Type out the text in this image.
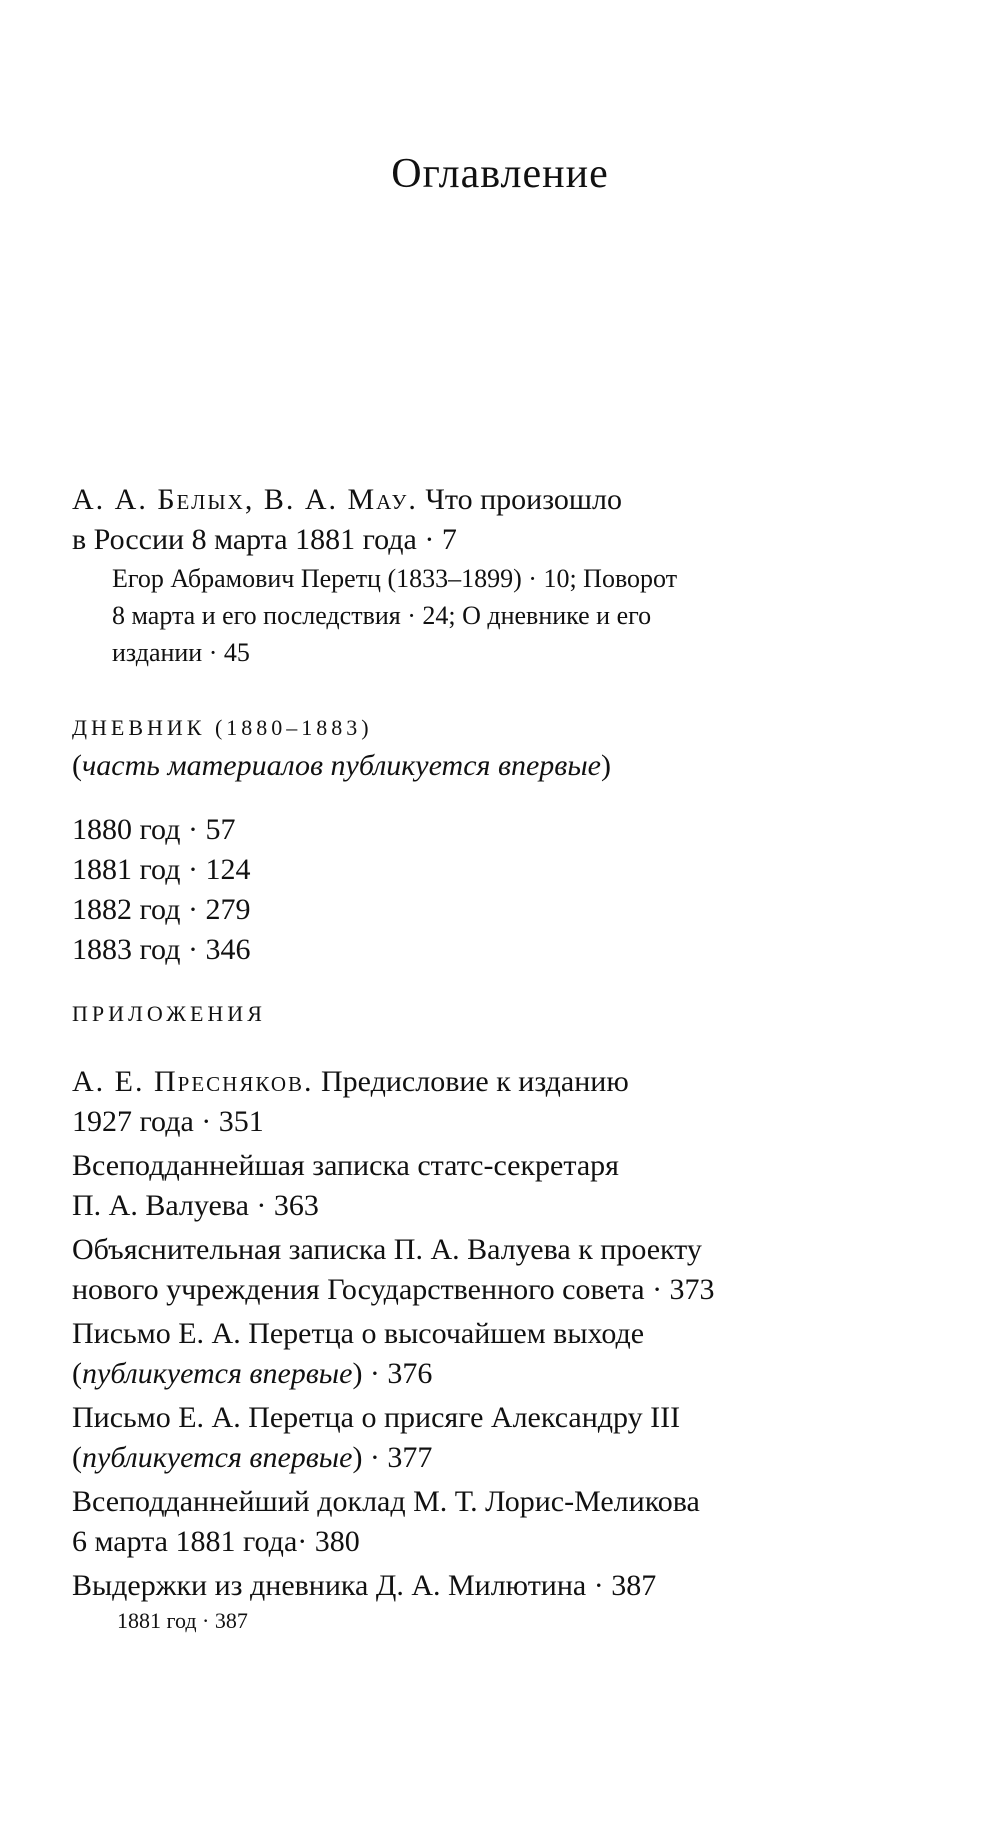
Оглавление
А. А. Белых, В. А. Мау. Что произошло
в России 8 марта 1881 года · 7
Егор Абрамович Перетц (1833–1899) · 10; Поворот
8 марта и его последствия · 24; О дневнике и его
издании · 45
ДНЕВНИК (1880–1883)
(часть материалов публикуется впервые)
1880 год · 57
1881 год · 124
1882 год · 279
1883 год · 346
ПРИЛОЖЕНИЯ
А. Е. Пресняков. Предисловие к изданию
1927 года · 351
Всеподданнейшая записка статс-секретаря
П. А. Валуева · 363
Объяснительная записка П. А. Валуева к проекту
нового учреждения Государственного совета · 373
Письмо Е. А. Перетца о высочайшем выходе
(публикуется впервые) · 376
Письмо Е. А. Перетца о присяге Александру III
(публикуется впервые) · 377
Всеподданнейший доклад М. Т. Лорис-Меликова
6 марта 1881 года· 380
Выдержки из дневника Д. А. Милютина · 387
1881 год · 387
